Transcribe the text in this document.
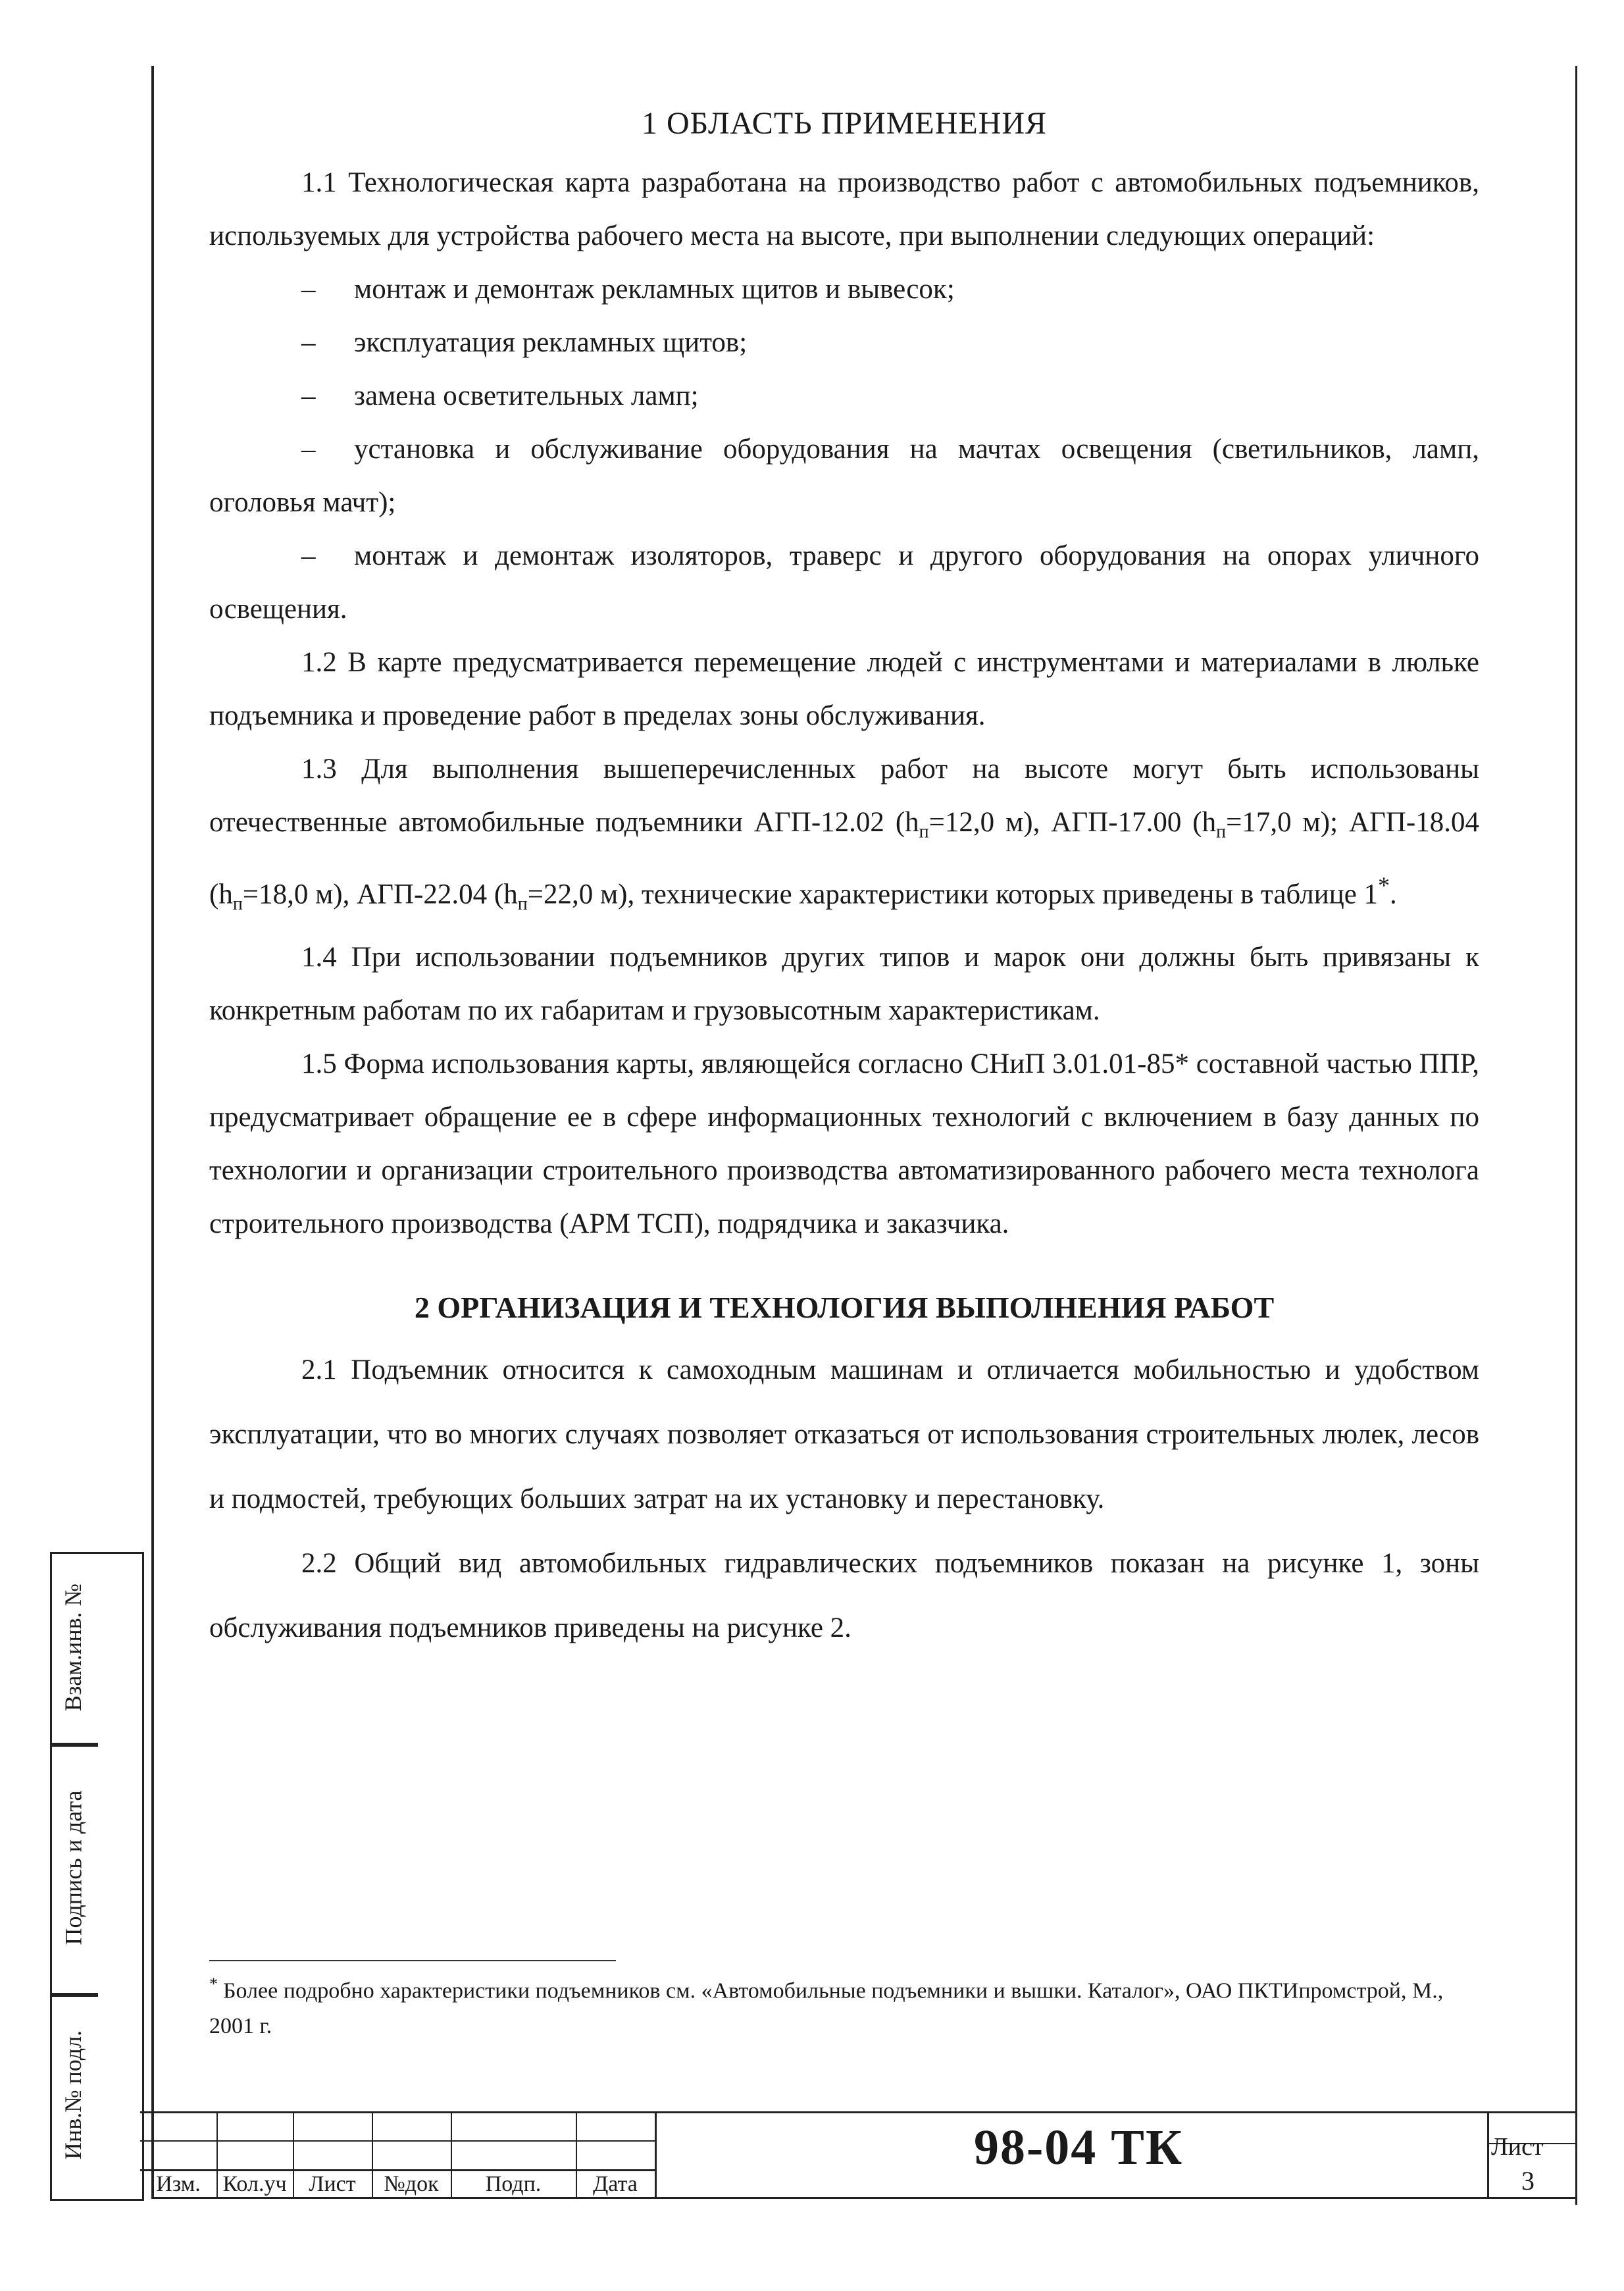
1 ОБЛАСТЬ ПРИМЕНЕНИЯ

1.1 Технологическая карта разработана на производство работ с автомобильных подъемников, используемых для устройства рабочего места на высоте, при выполнении следующих операций:

– монтаж и демонтаж рекламных щитов и вывесок;

– эксплуатация рекламных щитов;

– замена осветительных ламп;

– установка и обслуживание оборудования на мачтах освещения (светильников, ламп, оголовья мачт);

– монтаж и демонтаж изоляторов, траверс и другого оборудования на опорах уличного освещения.

1.2 В карте предусматривается перемещение людей с инструментами и материалами в люльке подъемника и проведение работ в пределах зоны обслуживания.

1.3 Для выполнения вышеперечисленных работ на высоте могут быть использованы отечественные автомобильные подъемники АГП-12.02 ($h_п=12,0$ м), АГП-17.00 ($h_п=17,0$ м); АГП-18.04 ($h_п=18,0$ м), АГП-22.04 ($h_п=22,0$ м), технические характеристики которых приведены в таблице 1*.

1.4 При использовании подъемников других типов и марок они должны быть привязаны к конкретным работам по их габаритам и грузовысотным характеристикам.

1.5 Форма использования карты, являющейся согласно СНиП 3.01.01-85* составной частью ППР, предусматривает обращение ее в сфере информационных технологий с включением в базу данных по технологии и организации строительного производства автоматизированного рабочего места технолога строительного производства (АРМ ТСП), подрядчика и заказчика.

2 ОРГАНИЗАЦИЯ И ТЕХНОЛОГИЯ ВЫПОЛНЕНИЯ РАБОТ

2.1 Подъемник относится к самоходным машинам и отличается мобильностью и удобством эксплуатации, что во многих случаях позволяет отказаться от использования строительных люлек, лесов и подмостей, требующих больших затрат на их установку и перестановку.

2.2 Общий вид автомобильных гидравлических подъемников показан на рисунке 1, зоны обслуживания подъемников приведены на рисунке 2.

* Более подробно характеристики подъемников см. «Автомобильные подъемники и вышки. Каталог», ОАО ПКТИпромстрой, М., 2001 г.
Взам.инв. №
Подпись и дата
Инв.№ подл.
Изм. Кол.уч Лист	№док	Подп.	Дата
98-04 ТК	Лист
3
